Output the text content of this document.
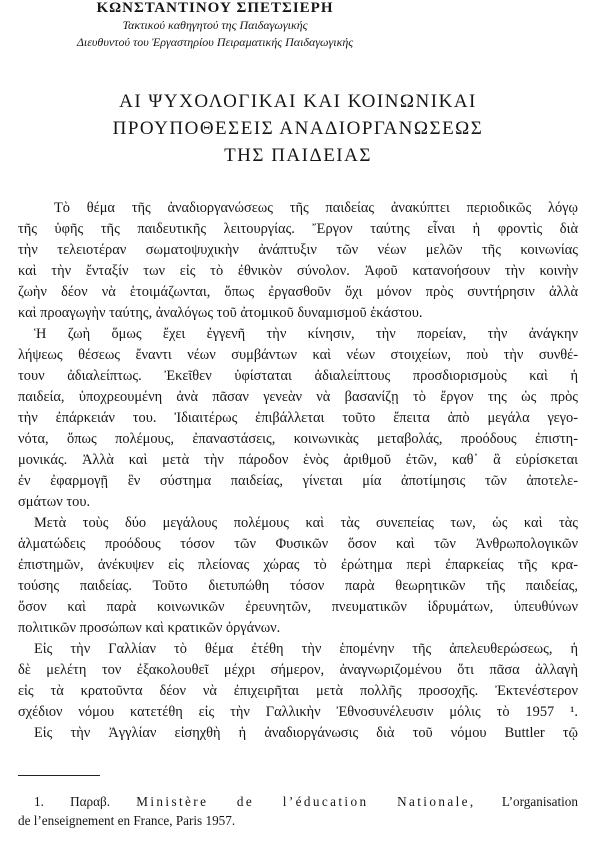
ΚΩΝΣΤΑΝΤΙΝΟΥ ΣΠΕΤΣΙΕΡΗ
Τακτικού καθηγητού της Παιδαγωγικής
Διευθυντού του Ἐργαστηρίου Πειραματικής Παιδαγωγικής
ΑΙ ΨΥΧΟΛΟΓΙΚΑΙ ΚΑΙ ΚΟΙΝΩΝΙΚΑΙ
ΠΡΟΥΠΟΘΕΣΕΙΣ ΑΝΑΔΙΟΡΓΑΝΩΣΕΩΣ
ΤΗΣ ΠΑΙΔΕΙΑΣ
Τὸ θέμα τῆς ἀναδιοργανώσεως τῆς παιδείας ἀνακύπτει περιοδικῶς λόγῳ
τῆς ὑφῆς τῆς παιδευτικῆς λειτουργίας. Ἔργον ταύτης εἶναι ἡ φροντὶς διὰ
τὴν τελειοτέραν σωματοψυχικὴν ἀνάπτυξιν τῶν νέων μελῶν τῆς κοινωνίας
καὶ τὴν ἔνταξίν των εἰς τὸ ἐθνικὸν σύνολον. Ἀφοῦ κατανοήσουν τὴν κοινὴν
ζωὴν δέον νὰ ἑτοιμάζωνται, ὅπως ἐργασθοῦν ὄχι μόνον πρὸς συντήρησιν ἀλλὰ
καὶ προαγωγὴν ταύτης, ἀναλόγως τοῦ ἀτομικοῦ δυναμισμοῦ ἑκάστου.
Ἡ ζωὴ ὅμως ἔχει ἐγγενῆ τὴν κίνησιν, τὴν πορείαν, τὴν ἀνάγκην
λήψεως θέσεως ἔναντι νέων συμβάντων καὶ νέων στοιχείων, ποὺ τὴν συνθέ-
τουν ἀδιαλείπτως. Ἐκεῖθεν ὑφίσταται ἀδιαλείπτους προσδιορισμοὺς καὶ ἡ
παιδεία, ὑποχρεουμένη ἀνὰ πᾶσαν γενεὰν νὰ βασανίζῃ τὸ ἔργον της ὡς πρὸς
τὴν ἐπάρκειάν του. Ἰδιαιτέρως ἐπιβάλλεται τοῦτο ἔπειτα ἀπὸ μεγάλα γεγο-
νότα, ὅπως πολέμους, ἐπαναστάσεις, κοινωνικὰς μεταβολάς, προόδους ἐπιστη-
μονικάς. Ἀλλὰ καὶ μετὰ τὴν πάροδον ἑνὸς ἀριθμοῦ ἐτῶν, καθ᾽ ἃ εὑρίσκεται
ἐν ἐφαρμογῇ ἓν σύστημα παιδείας, γίνεται μία ἀποτίμησις τῶν ἀποτελε-
σμάτων του.
Μετὰ τοὺς δύο μεγάλους πολέμους καὶ τὰς συνεπείας των, ὡς καὶ τὰς
ἁλματώδεις προόδους τόσον τῶν Φυσικῶν ὅσον καὶ τῶν Ἀνθρωπολογικῶν
ἐπιστημῶν, ἀνέκυψεν εἰς πλείονας χώρας τὸ ἐρώτημα περὶ ἐπαρκείας τῆς κρα-
τούσης παιδείας. Τοῦτο διετυπώθη τόσον παρὰ θεωρητικῶν τῆς παιδείας,
ὅσον καὶ παρὰ κοινωνικῶν ἐρευνητῶν, πνευματικῶν ἱδρυμάτων, ὑπευθύνων
πολιτικῶν προσώπων καὶ κρατικῶν ὀργάνων.
Εἰς τὴν Γαλλίαν τὸ θέμα ἐτέθη τὴν ἑπομένην τῆς ἀπελευθερώσεως, ἡ
δὲ μελέτη τον ἐξακολουθεῖ μέχρι σήμερον, ἀναγνωριζομένου ὅτι πᾶσα ἀλλαγὴ
εἰς τὰ κρατοῦντα δέον νὰ ἐπιχειρῆται μετὰ πολλῆς προσοχῆς. Ἐκτενέστερον
σχέδιον νόμου κατετέθη εἰς τὴν Γαλλικὴν Ἐθνοσυνέλευσιν μόλις τὸ 1957 ¹.
Εἰς τὴν Ἀγγλίαν εἰσηχθὴ ἡ ἀναδιοργάνωσις διὰ τοῦ νόμου Buttler τῷ
1. Παραβ. Ministère de l’éducation Nationale, L’organisation
de l’enseignement en France, Paris 1957.
